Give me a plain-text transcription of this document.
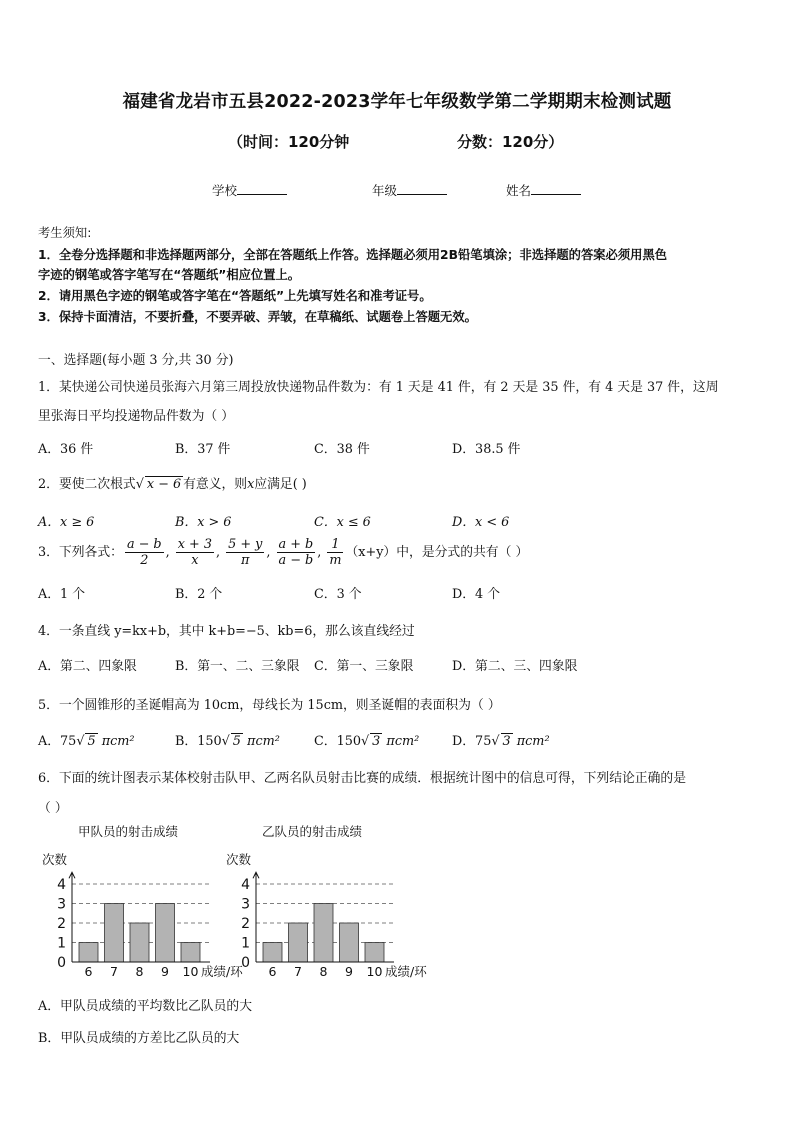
福建省龙岩市五县2022-2023学年七年级数学第二学期期末检测试题
（时间：120分钟	分数：120分）
学校	年级	姓名
考生须知:
1．全卷分选择题和非选择题两部分，全部在答题纸上作答。选择题必须用2B铅笔填涂；非选择题的答案必须用黑色
字迹的钢笔或答字笔写在“答题纸”相应位置上。
2．请用黑色字迹的钢笔或答字笔在“答题纸”上先填写姓名和准考证号。
3．保持卡面清洁，不要折叠，不要弄破、弄皱，在草稿纸、试题卷上答题无效。
一、选择题(每小题 3 分,共 30 分)
1．某快递公司快递员张海六月第三周投放快递物品件数为：有 1 天是 41 件，有 2 天是 35 件，有 4 天是 37 件，这周
里张海日平均投递物品件数为（ ）
A．36 件	B．37 件	C．38 件	D．38.5 件
2．要使二次根式√ x − 6 有意义，则x应满足( )
A．x ≥ 6	B．x > 6	C．x ≤ 6	D．x < 6
3．下列各式： $\frac{a - b}{2}$ , $\frac{x + 3}{x}$ , $\frac{5 + y}{\pi}$ , $\frac{a + b}{a - b}$ , $\frac{1}{m} (x+y)$中，是分式的共有（ ）
A．1 个	B．2 个	C．3 个	D．4 个
4．一条直线 y=kx+b，其中 k+b=−5、kb=6，那么该直线经过
A．第二、四象限	B．第一、二、三象限 C．第一、三象限	D．第二、三、四象限
5．一个圆锥形的圣诞帽高为 10cm，母线长为 15cm，则圣诞帽的表面积为（ ）
A．75√ 5 πcm²	B．150√ 5 πcm²	C．150√ 3 πcm²	D．75√ 3 πcm²
6．下面的统计图表示某体校射击队甲、乙两名队员射击比赛的成绩．根据统计图中的信息可得，下列结论正确的是
（ ）
甲队员的射击成绩
次数
6 7 8 9 10
0
1
2
3
4
成绩/环
乙队员的射击成绩
次数
6 7 8 9 10
0
1
2
3
4
成绩/环
A．甲队员成绩的平均数比乙队员的大
B．甲队员成绩的方差比乙队员的大
